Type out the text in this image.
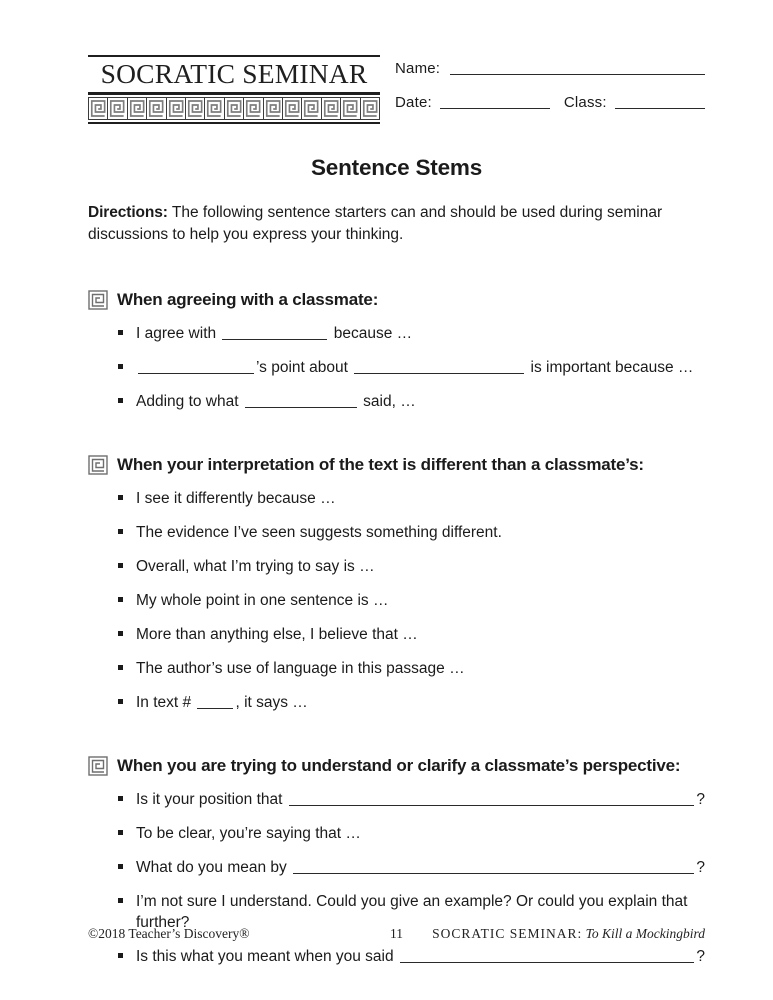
SOCRATIC SEMINAR	Name:
Date:	Class:
Sentence Stems
Directions: The following sentence starters can and should be used during seminar discussions to help you express your thinking.
When agreeing with a classmate:
I agree with	because …
’s point about	is important because …
Adding to what	said, …
When your interpretation of the text is different than a classmate’s:
I see it differently because …
The evidence I’ve seen suggests something different.
Overall, what I’m trying to say is …
My whole point in one sentence is …
More than anything else, I believe that …
The author’s use of language in this passage …
In text #	, it says …
When you are trying to understand or clarify a classmate’s perspective:
Is it your position that	?
To be clear, you’re saying that …
What do you mean by	?
I’m not sure I understand. Could you give an example? Or could you explain that further?
Is this what you meant when you said	?
©2018 Teacher’s Discovery®	11	SOCRATIC SEMINAR: To Kill a Mockingbird
